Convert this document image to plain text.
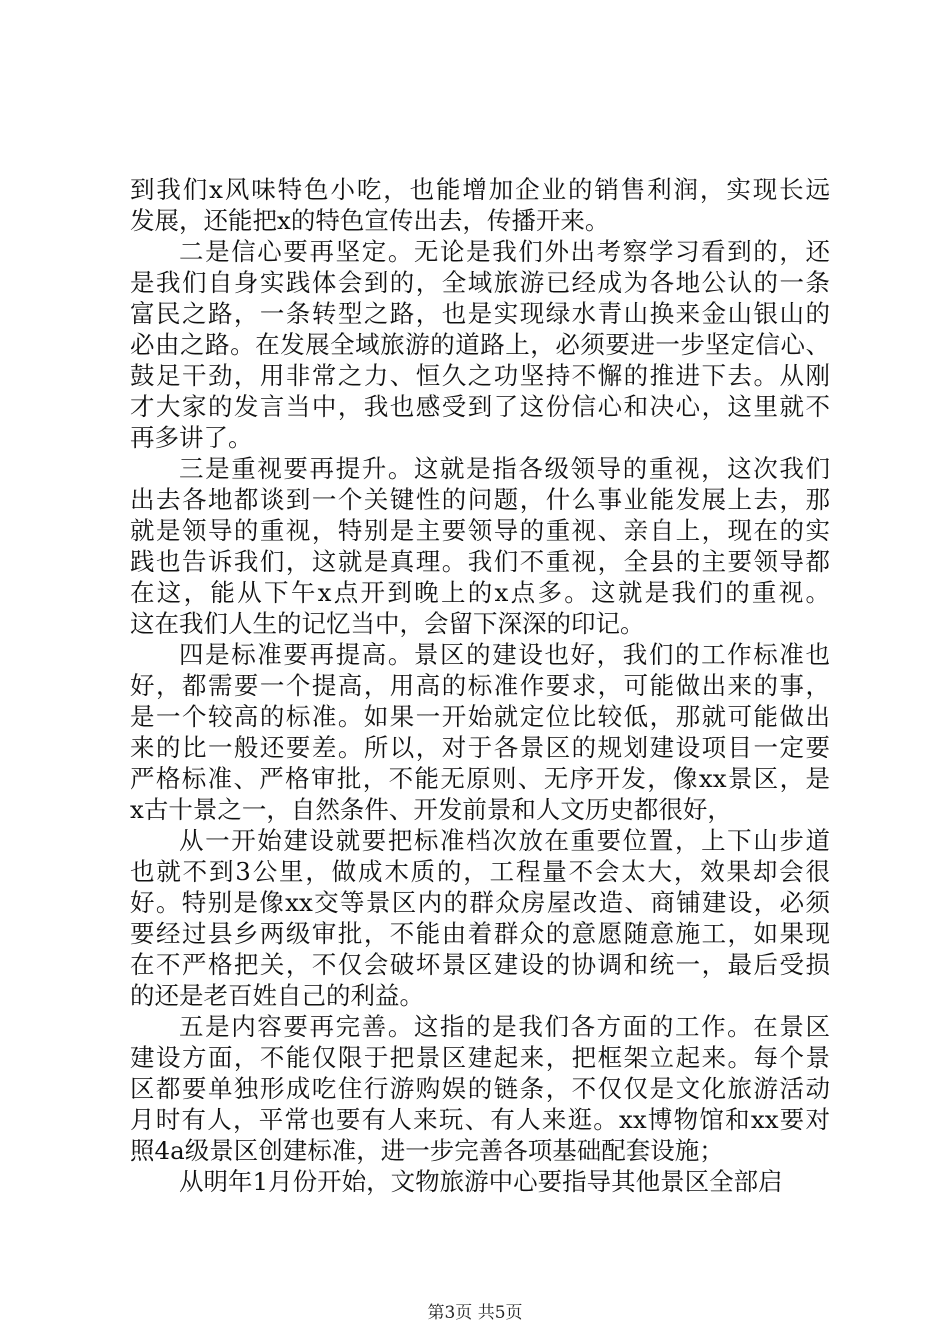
到我们x风味特色小吃，也能增加企业的销售利润，实现长远
发展，还能把x的特色宣传出去，传播开来。
二是信心要再坚定。无论是我们外出考察学习看到的，还
是我们自身实践体会到的，全域旅游已经成为各地公认的一条
富民之路，一条转型之路，也是实现绿水青山换来金山银山的
必由之路。在发展全域旅游的道路上，必须要进一步坚定信心、
鼓足干劲，用非常之力、恒久之功坚持不懈的推进下去。从刚
才大家的发言当中，我也感受到了这份信心和决心，这里就不
再多讲了。
三是重视要再提升。这就是指各级领导的重视，这次我们
出去各地都谈到一个关键性的问题，什么事业能发展上去，那
就是领导的重视，特别是主要领导的重视、亲自上，现在的实
践也告诉我们，这就是真理。我们不重视，全县的主要领导都
在这，能从下午x点开到晚上的x点多。这就是我们的重视。
这在我们人生的记忆当中，会留下深深的印记。
四是标准要再提高。景区的建设也好，我们的工作标准也
好，都需要一个提高，用高的标准作要求，可能做出来的事，
是一个较高的标准。如果一开始就定位比较低，那就可能做出
来的比一般还要差。所以，对于各景区的规划建设项目一定要
严格标准、严格审批，不能无原则、无序开发，像xx景区，是
x古十景之一，自然条件、开发前景和人文历史都很好，
从一开始建设就要把标准档次放在重要位置，上下山步道
也就不到3公里，做成木质的，工程量不会太大，效果却会很
好。特别是像xx交等景区内的群众房屋改造、商铺建设，必须
要经过县乡两级审批，不能由着群众的意愿随意施工，如果现
在不严格把关，不仅会破坏景区建设的协调和统一，最后受损
的还是老百姓自己的利益。
五是内容要再完善。这指的是我们各方面的工作。在景区
建设方面，不能仅限于把景区建起来，把框架立起来。每个景
区都要单独形成吃住行游购娱的链条，不仅仅是文化旅游活动
月时有人，平常也要有人来玩、有人来逛。xx博物馆和xx要对
照4a级景区创建标准，进一步完善各项基础配套设施；
从明年1月份开始，文物旅游中心要指导其他景区全部启
第3页 共5页
